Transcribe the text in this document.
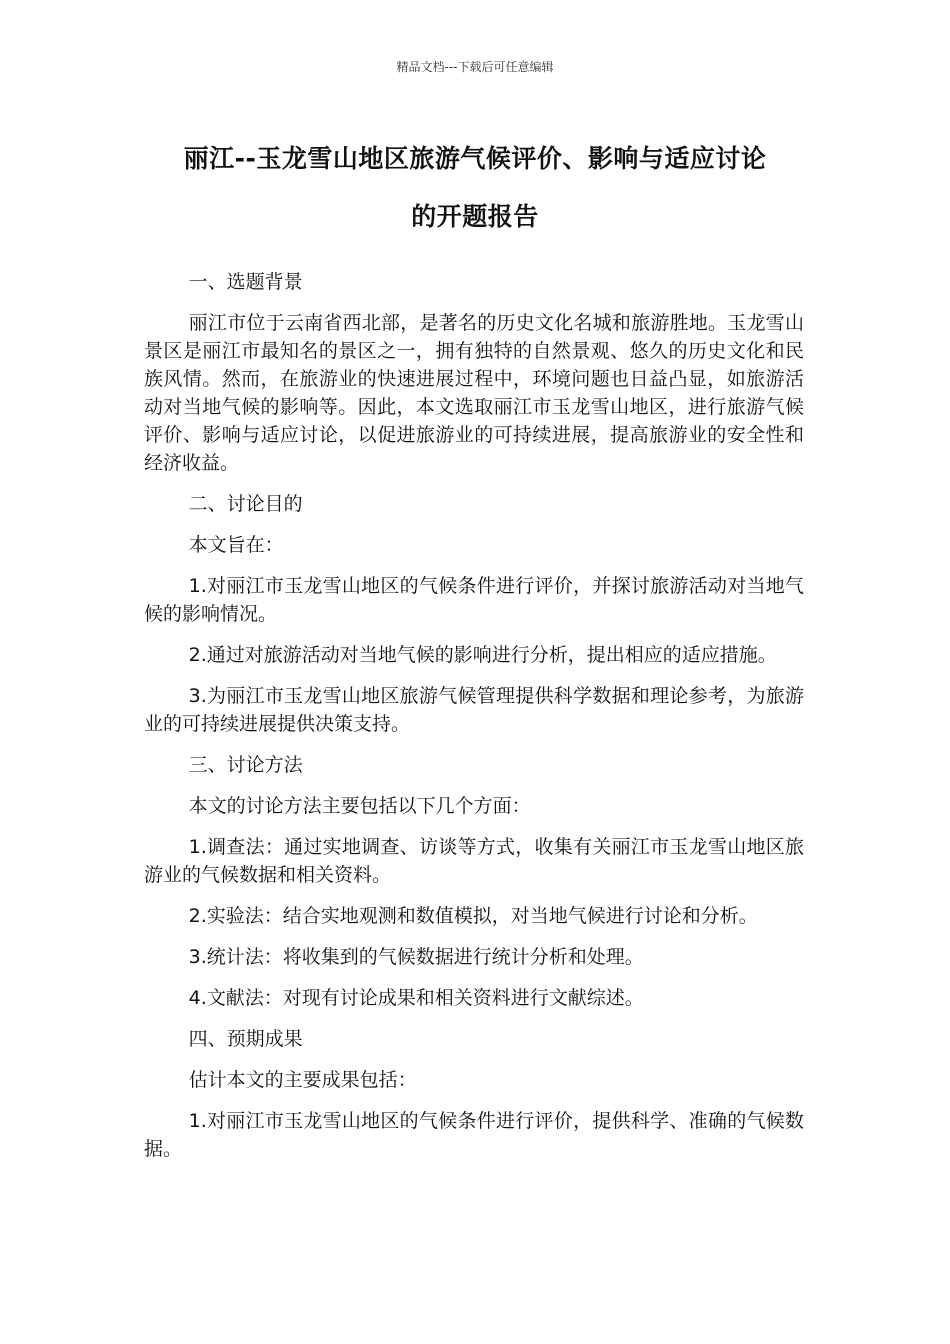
精品文档---下载后可任意编辑
丽江--玉龙雪山地区旅游气候评价、影响与适应讨论
的开题报告

一、选题背景

丽江市位于云南省西北部，是著名的历史文化名城和旅游胜地。玉龙雪山景区是丽江市最知名的景区之一，拥有独特的自然景观、悠久的历史文化和民族风情。然而，在旅游业的快速进展过程中，环境问题也日益凸显，如旅游活动对当地气候的影响等。因此，本文选取丽江市玉龙雪山地区，进行旅游气候评价、影响与适应讨论，以促进旅游业的可持续进展，提高旅游业的安全性和经济收益。

二、讨论目的

本文旨在：

1.对丽江市玉龙雪山地区的气候条件进行评价，并探讨旅游活动对当地气候的影响情况。

2.通过对旅游活动对当地气候的影响进行分析，提出相应的适应措施。

3.为丽江市玉龙雪山地区旅游气候管理提供科学数据和理论参考，为旅游业的可持续进展提供决策支持。

三、讨论方法

本文的讨论方法主要包括以下几个方面：

1.调查法：通过实地调查、访谈等方式，收集有关丽江市玉龙雪山地区旅游业的气候数据和相关资料。

2.实验法：结合实地观测和数值模拟，对当地气候进行讨论和分析。

3.统计法：将收集到的气候数据进行统计分析和处理。

4.文献法：对现有讨论成果和相关资料进行文献综述。

四、预期成果

估计本文的主要成果包括：

1.对丽江市玉龙雪山地区的气候条件进行评价，提供科学、准确的气候数据。
